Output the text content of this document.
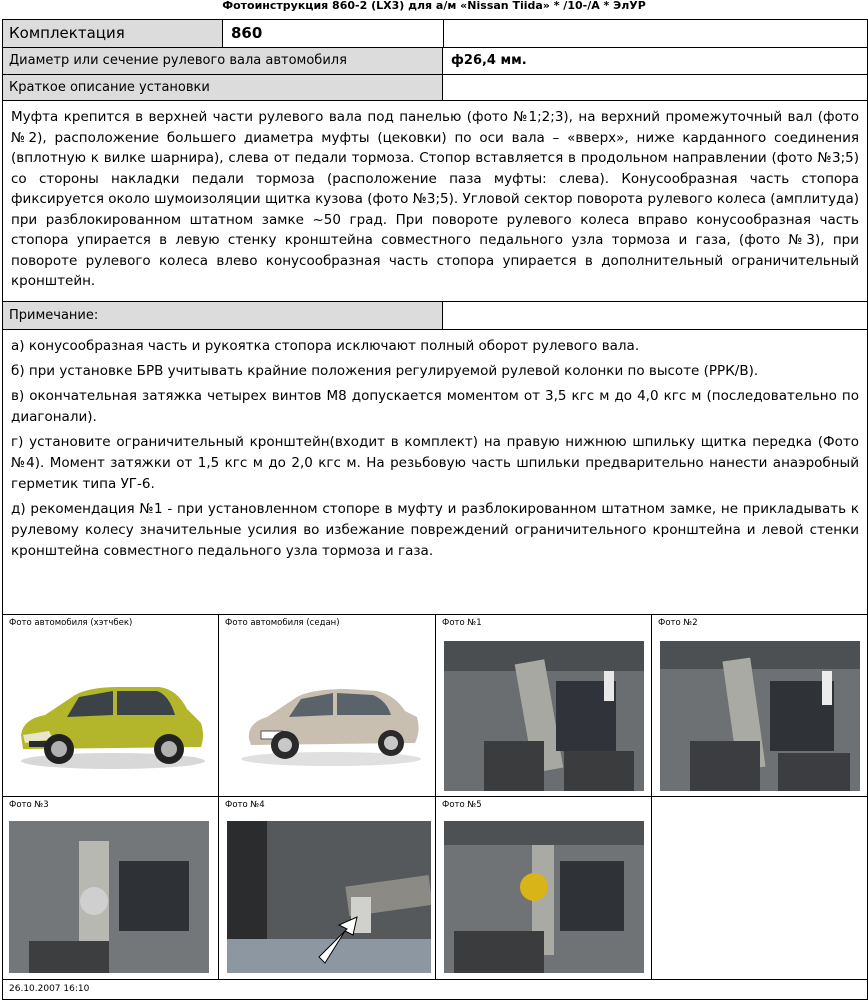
Фотоинструкция 860-2 (LX3) для а/м «Nissan Tiida» * /10-/А * ЭлУР
Комплектация	860
Диаметр или сечение рулевого вала автомобиля	ф26,4 мм.
Краткое описание установки
Муфта крепится в верхней части рулевого вала под панелью (фото №1;2;3), на верхний промежуточный вал (фото №2), расположение большего диаметра муфты (цековки) по оси вала – «вверх», ниже карданного соединения (вплотную к вилке шарнира), слева от педали тормоза. Стопор вставляется в продольном направлении (фото №3;5) со стороны накладки педали тормоза (расположение паза муфты: слева). Конусообразная часть стопора фиксируется около шумоизоляции щитка кузова (фото №3;5). Угловой сектор поворота рулевого колеса (амплитуда) при разблокированном штатном замке ~50 град. При повороте рулевого колеса вправо конусообразная часть стопора упирается в левую стенку кронштейна совместного педального узла тормоза и газа, (фото №3), при повороте рулевого колеса влево конусообразная часть стопора упирается в дополнительный ограничительный кронштейн.
Примечание:

а) конусообразная часть и рукоятка стопора исключают полный оборот рулевого вала.

б) при установке БРВ учитывать крайние положения регулируемой рулевой колонки по высоте (РРК/В).

в) окончательная затяжка четырех винтов М8 допускается моментом от 3,5 кгс м до 4,0 кгс м (последовательно по диагонали).

г) установите ограничительный кронштейн(входит в комплект) на правую нижнюю шпильку щитка передка (Фото №4). Момент затяжки от 1,5 кгс м до 2,0 кгс м. На резьбовую часть шпильки предварительно нанести анаэробный герметик типа УГ-6.

д) рекомендация №1 - при установленном стопоре в муфту и разблокированном штатном замке, не прикладывать к рулевому колесу значительные усилия во избежание повреждений ограничительного кронштейна и левой стенки кронштейна совместного педального узла тормоза и газа.

Фото автомобиля (хэтчбек)	Фото автомобиля (седан)	Фото №1	Фото №2
Фото №3	Фото №4	Фото №5
26.10.2007 16:10
